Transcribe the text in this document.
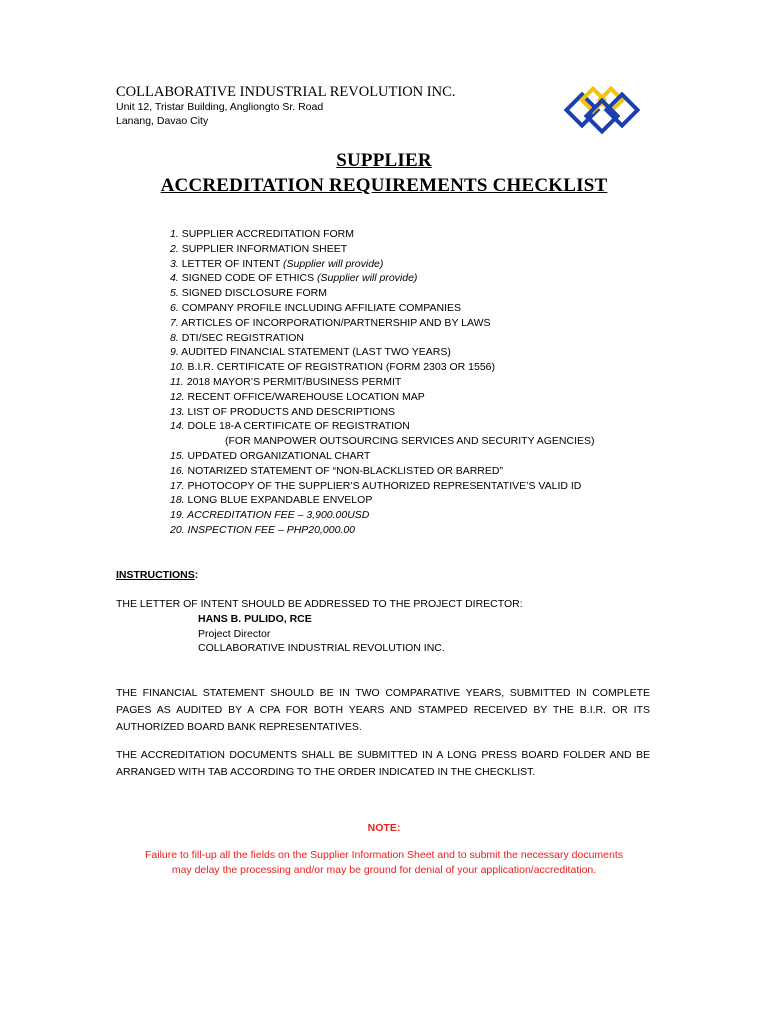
COLLABORATIVE INDUSTRIAL REVOLUTION INC.
Unit 12, Tristar Building, Angliongto Sr. Road
Lanang, Davao City
SUPPLIER
ACCREDITATION REQUIREMENTS CHECKLIST
1. SUPPLIER ACCREDITATION FORM
2. SUPPLIER INFORMATION SHEET
3. LETTER OF INTENT (Supplier will provide)
4. SIGNED CODE OF ETHICS (Supplier will provide)
5. SIGNED DISCLOSURE FORM
6. COMPANY PROFILE INCLUDING AFFILIATE COMPANIES
7. ARTICLES OF INCORPORATION/PARTNERSHIP AND BY LAWS
8. DTI/SEC REGISTRATION
9. AUDITED FINANCIAL STATEMENT (LAST TWO YEARS)
10. B.I.R. CERTIFICATE OF REGISTRATION (FORM 2303 OR 1556)
11. 2018 MAYOR’S PERMIT/BUSINESS PERMIT
12. RECENT OFFICE/WAREHOUSE LOCATION MAP
13. LIST OF PRODUCTS AND DESCRIPTIONS
14. DOLE 18-A CERTIFICATE OF REGISTRATION
(FOR MANPOWER OUTSOURCING SERVICES AND SECURITY AGENCIES)
15. UPDATED ORGANIZATIONAL CHART
16. NOTARIZED STATEMENT OF “NON-BLACKLISTED OR BARRED”
17. PHOTOCOPY OF THE SUPPLIER’S AUTHORIZED REPRESENTATIVE’S VALID ID
18. LONG BLUE EXPANDABLE ENVELOP
19. ACCREDITATION FEE – 3,900.00USD
20. INSPECTION FEE – PHP20,000.00
INSTRUCTIONS:
THE LETTER OF INTENT SHOULD BE ADDRESSED TO THE PROJECT DIRECTOR:
HANS B. PULIDO, RCE
Project Director
COLLABORATIVE INDUSTRIAL REVOLUTION INC.
THE FINANCIAL STATEMENT SHOULD BE IN TWO COMPARATIVE YEARS, SUBMITTED IN COMPLETE PAGES AS AUDITED BY A CPA FOR BOTH YEARS AND STAMPED RECEIVED BY THE B.I.R. OR ITS AUTHORIZED BOARD BANK REPRESENTATIVES.
THE ACCREDITATION DOCUMENTS SHALL BE SUBMITTED IN A LONG PRESS BOARD FOLDER AND BE ARRANGED WITH TAB ACCORDING TO THE ORDER INDICATED IN THE CHECKLIST.
NOTE:
Failure to fill-up all the fields on the Supplier Information Sheet and to submit the necessary documents may delay the processing and/or may be ground for denial of your application/accreditation.
